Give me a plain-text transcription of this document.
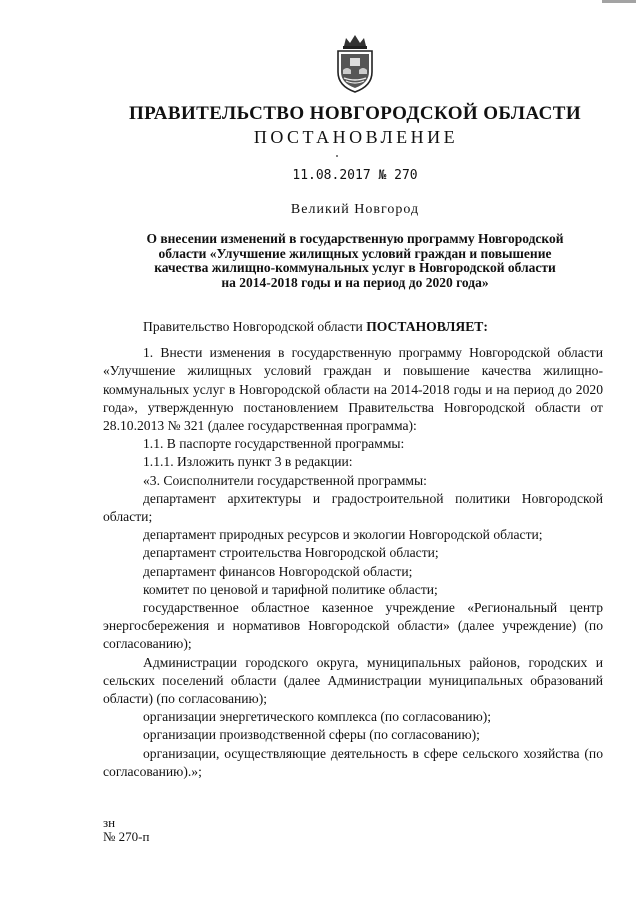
ПРАВИТЕЛЬСТВО НОВГОРОДСКОЙ ОБЛАСТИ
ПОСТАНОВЛЕНИЕ
11.08.2017 № 270
Великий Новгород
О внесении изменений в государственную программу Новгородской
области «Улучшение жилищных условий граждан и повышение
качества жилищно-коммунальных услуг в Новгородской области
на 2014-2018 годы и на период до 2020 года»

Правительство Новгородской области ПОСТАНОВЛЯЕТ:

1. Внести изменения в государственную программу Новгородской области «Улучшение жилищных условий граждан и повышение качества жилищно-коммунальных услуг в Новгородской области на 2014-2018 годы и на период до 2020 года», утвержденную постановлением Правительства Новгородской области от 28.10.2013 № 321 (далее государственная программа):

1.1. В паспорте государственной программы:

1.1.1. Изложить пункт 3 в редакции:

«3. Соисполнители государственной программы:

департамент архитектуры и градостроительной политики Новгородской области;

департамент природных ресурсов и экологии Новгородской области;

департамент строительства Новгородской области;

департамент финансов Новгородской области;

комитет по ценовой и тарифной политике области;

государственное областное казенное учреждение «Региональный центр энергосбережения и нормативов Новгородской области» (далее учреждение) (по согласованию);

Администрации городского округа, муниципальных районов, городских и сельских поселений области (далее Администрации муниципальных образований области) (по согласованию);

организации энергетического комплекса (по согласованию);

организации производственной сферы (по согласованию);

организации, осуществляющие деятельность в сфере сельского хозяйства (по согласованию).»;

зн
№ 270-п
